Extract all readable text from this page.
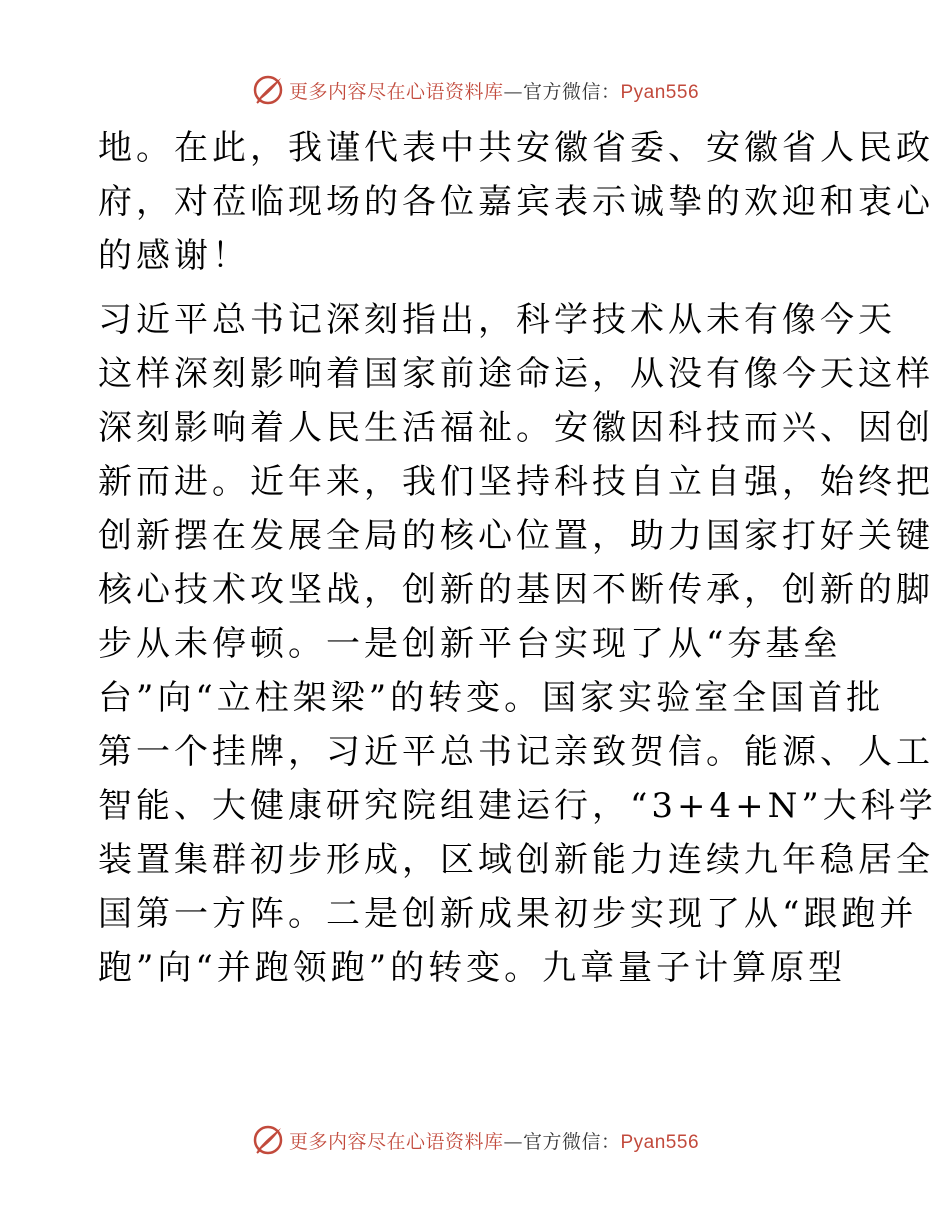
更多内容尽在心语资料库—官方微信：Pyan556

地。在此，我谨代表中共安徽省委、安徽省人民政
府，对莅临现场的各位嘉宾表示诚挚的欢迎和衷心
的感谢！

习近平总书记深刻指出，科学技术从未有像今天
这样深刻影响着国家前途命运，从没有像今天这样
深刻影响着人民生活福祉。安徽因科技而兴、因创
新而进。近年来，我们坚持科技自立自强，始终把
创新摆在发展全局的核心位置，助力国家打好关键
核心技术攻坚战，创新的基因不断传承，创新的脚
步从未停顿。一是创新平台实现了从“夯基垒
台”向“立柱架梁”的转变。国家实验室全国首批
第一个挂牌，习近平总书记亲致贺信。能源、人工
智能、大健康研究院组建运行，“3+4+N”大科学
装置集群初步形成，区域创新能力连续九年稳居全
国第一方阵。二是创新成果初步实现了从“跟跑并
跑”向“并跑领跑”的转变。九章量子计算原型

更多内容尽在心语资料库—官方微信：Pyan556
